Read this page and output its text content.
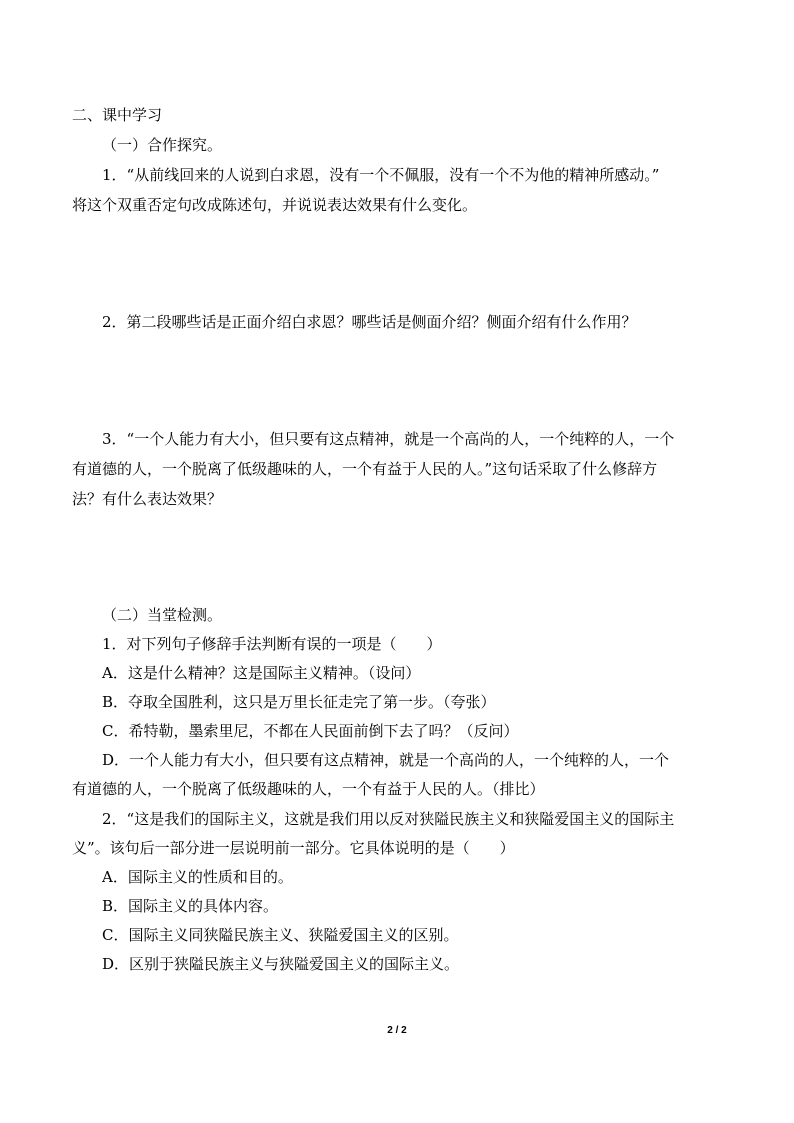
二、课中学习
（一）合作探究。
1．“从前线回来的人说到白求恩，没有一个不佩服，没有一个不为他的精神所感动。”
将这个双重否定句改成陈述句，并说说表达效果有什么变化。
2．第二段哪些话是正面介绍白求恩？哪些话是侧面介绍？侧面介绍有什么作用？
3．“一个人能力有大小，但只要有这点精神，就是一个高尚的人，一个纯粹的人，一个
有道德的人，一个脱离了低级趣味的人，一个有益于人民的人。”这句话采取了什么修辞方
法？有什么表达效果？
（二）当堂检测。
1．对下列句子修辞手法判断有误的一项是（　　）
A．这是什么精神？这是国际主义精神。（设问）
B．夺取全国胜利，这只是万里长征走完了第一步。（夸张）
C．希特勒，墨索里尼，不都在人民面前倒下去了吗？（反问）
D．一个人能力有大小，但只要有这点精神，就是一个高尚的人，一个纯粹的人，一个
有道德的人，一个脱离了低级趣味的人，一个有益于人民的人。（排比）
2．“这是我们的国际主义，这就是我们用以反对狭隘民族主义和狭隘爱国主义的国际主
义”。该句后一部分进一层说明前一部分。它具体说明的是（　　）
A．国际主义的性质和目的。
B．国际主义的具体内容。
C．国际主义同狭隘民族主义、狭隘爱国主义的区别。
D．区别于狭隘民族主义与狭隘爱国主义的国际主义。
2 / 2
